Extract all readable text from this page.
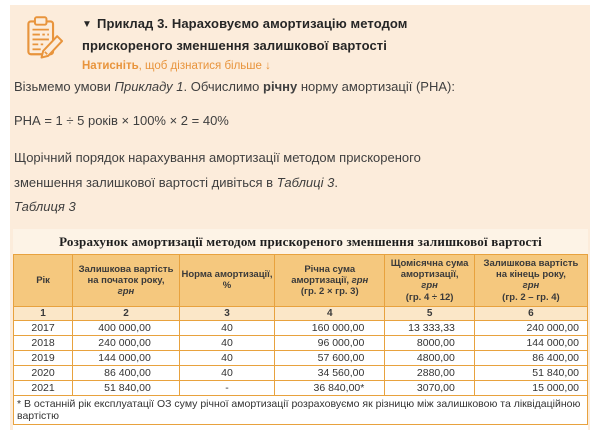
▼ Приклад 3. Нараховуємо амортизацію методом прискореного зменшення залишкової вартості
Натисніть, щоб дізнатися більше ↓
Візьмемо умови Прикладу 1. Обчислимо річну норму амортизації (РНА):
РНА = 1 ÷ 5 років × 100% × 2 = 40%
Щорічний порядок нарахування амортизації методом прискореного зменшення залишкової вартості дивіться в Таблиці 3.
Таблиця 3
Розрахунок амортизації методом прискореного зменшення залишкової вартості
Рік

Залишкова вартість
на початок року,
грн

Норма амортизації,
%

Річна сума
амортизації, грн
(гр. 2 × гр. 3)

Щомісячна сума
амортизації,
грн
(гр. 4 ÷ 12)

Залишкова вартість
на кінець року,
грн
(гр. 2 – гр. 4)

1	2	3	4	5	6
2017	400 000,00	40	160 000,00	13 333,33	240 000,00
2018	240 000,00	40	96 000,00	8000,00	144 000,00
2019	144 000,00	40	57 600,00	4800,00	86 400,00
2020	86 400,00	40	34 560,00	2880,00	51 840,00
2021	51 840,00	-	36 840,00*	3070,00	15 000,00
* В останній рік експлуатації ОЗ суму річної амортизації розраховуємо як різницю між залишковою та ліквідаційною вартістю					
